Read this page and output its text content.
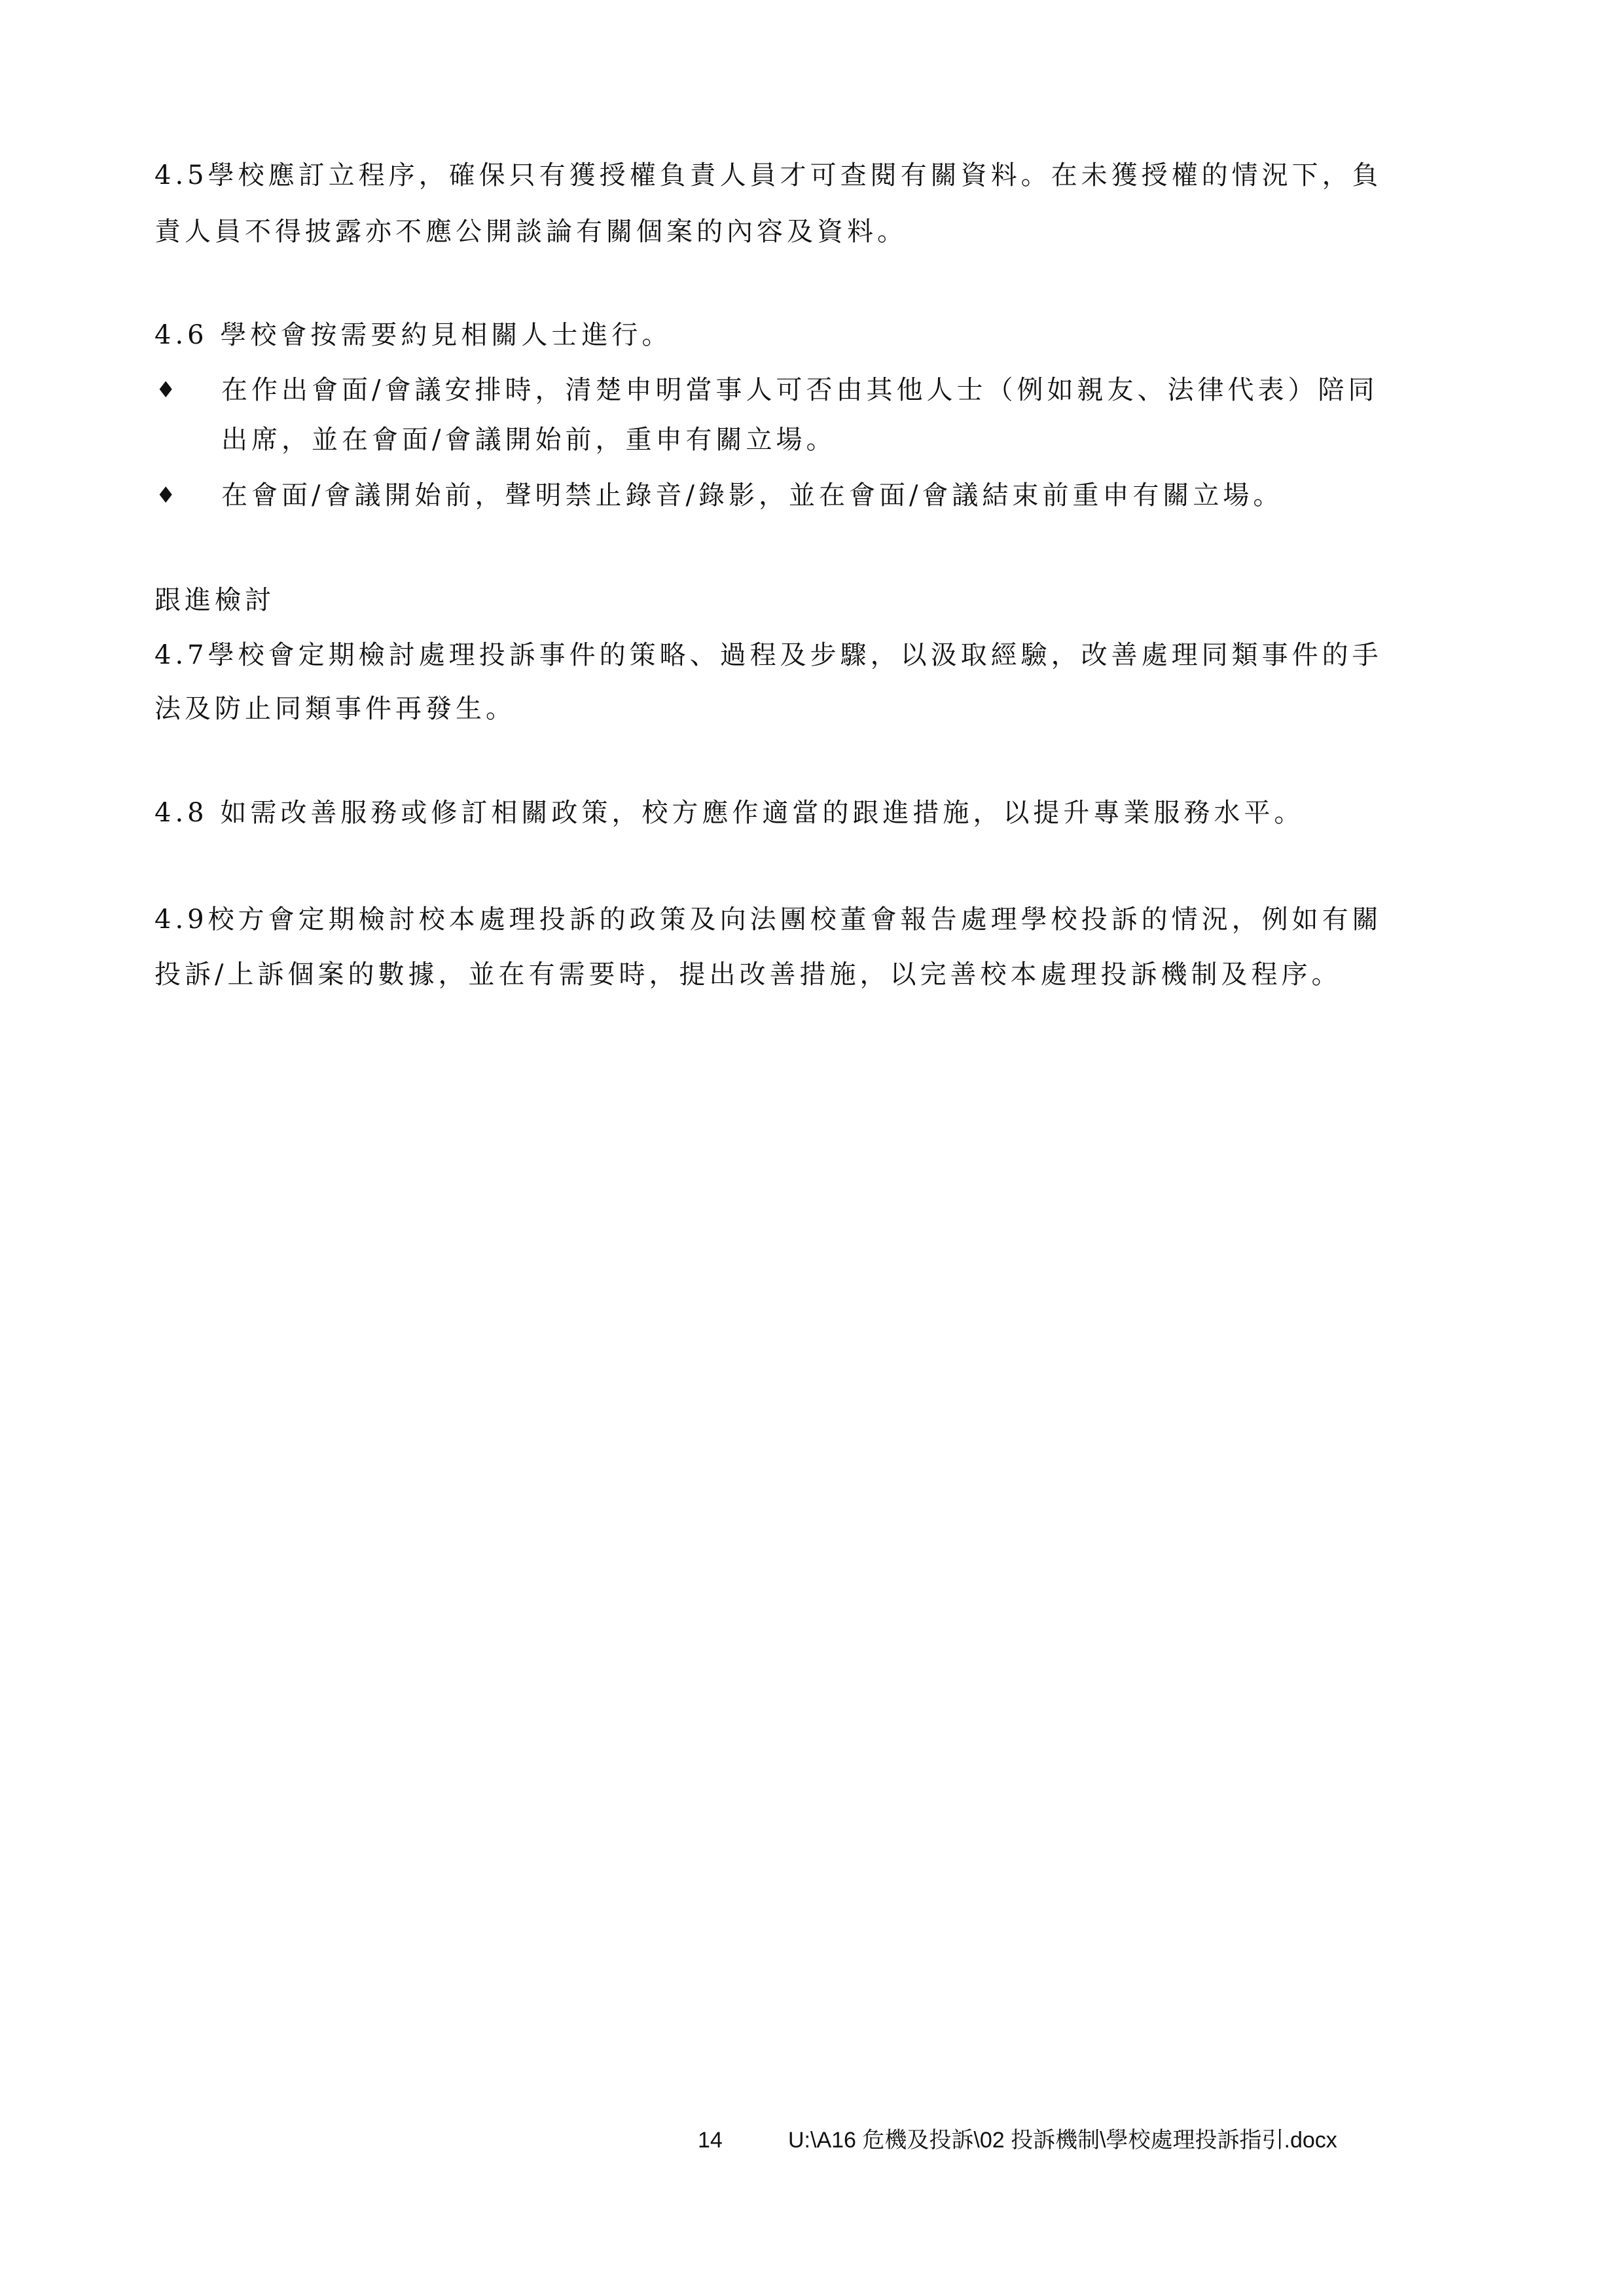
4.5學校應訂立程序，確保只有獲授權負責人員才可查閱有關資料。在未獲授權的情況下，負
責人員不得披露亦不應公開談論有關個案的內容及資料。
4.6 學校會按需要約見相關人士進行。
♦ 在作出會面/會議安排時，清楚申明當事人可否由其他人士（例如親友、法律代表）陪同
出席，並在會面/會議開始前，重申有關立場。
♦ 在會面/會議開始前，聲明禁止錄音/錄影，並在會面/會議結束前重申有關立場。
跟進檢討
4.7學校會定期檢討處理投訴事件的策略、過程及步驟，以汲取經驗，改善處理同類事件的手
法及防止同類事件再發生。
4.8 如需改善服務或修訂相關政策，校方應作適當的跟進措施，以提升專業服務水平。
4.9校方會定期檢討校本處理投訴的政策及向法團校董會報告處理學校投訴的情況，例如有關
投訴/上訴個案的數據，並在有需要時，提出改善措施，以完善校本處理投訴機制及程序。
14	U:\A16 危機及投訴\02 投訴機制\學校處理投訴指引.docx
